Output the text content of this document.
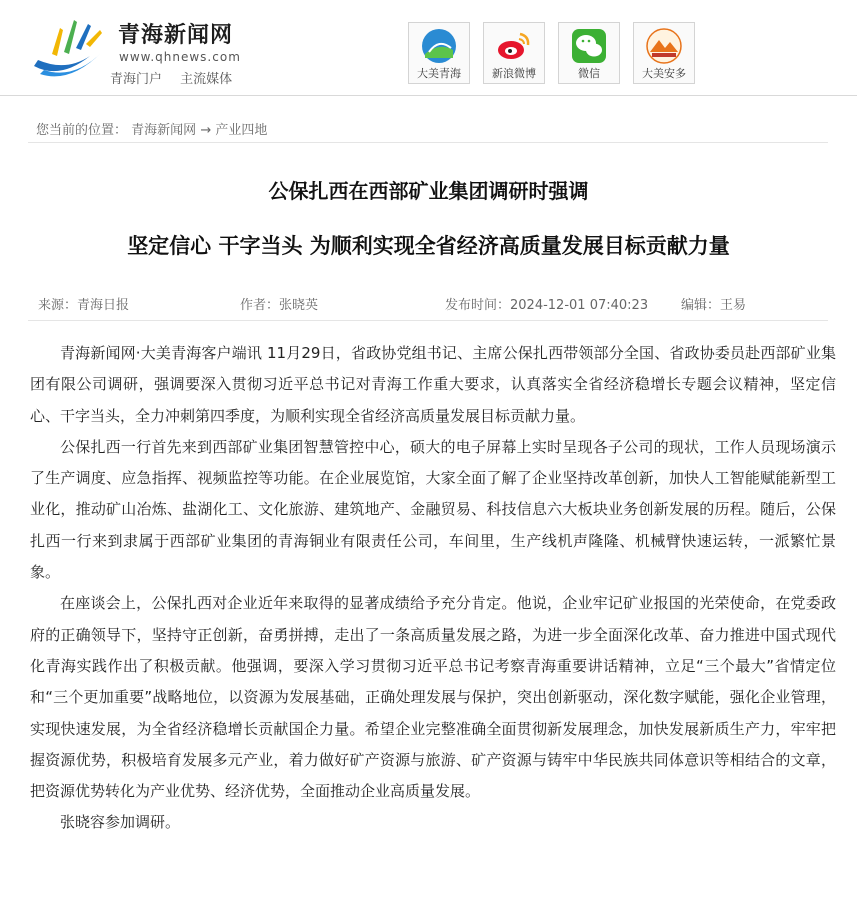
青海新闻网
www.qhnews.com
青海门户 主流媒体	大美青海	新浪微博	微信	大美安多
您当前的位置： 青海新闻网 → 产业四地
公保扎西在西部矿业集团调研时强调
坚定信心 干字当头 为顺利实现全省经济高质量发展目标贡献力量
来源：青海日报	作者：张晓英	发布时间：2024-12-01 07:40:23	编辑：王易

青海新闻网·大美青海客户端讯 11月29日，省政协党组书记、主席公保扎西带领部分全国、省政协委员赴西部矿业集团有限公司调研，强调要深入贯彻习近平总书记对青海工作重大要求，认真落实全省经济稳增长专题会议精神，坚定信心、干字当头，全力冲刺第四季度，为顺利实现全省经济高质量发展目标贡献力量。

公保扎西一行首先来到西部矿业集团智慧管控中心，硕大的电子屏幕上实时呈现各子公司的现状，工作人员现场演示了生产调度、应急指挥、视频监控等功能。在企业展览馆，大家全面了解了企业坚持改革创新，加快人工智能赋能新型工业化，推动矿山冶炼、盐湖化工、文化旅游、建筑地产、金融贸易、科技信息六大板块业务创新发展的历程。随后，公保扎西一行来到隶属于西部矿业集团的青海铜业有限责任公司，车间里，生产线机声隆隆、机械臂快速运转，一派繁忙景象。

在座谈会上，公保扎西对企业近年来取得的显著成绩给予充分肯定。他说，企业牢记矿业报国的光荣使命，在党委政府的正确领导下，坚持守正创新，奋勇拼搏，走出了一条高质量发展之路，为进一步全面深化改革、奋力推进中国式现代化青海实践作出了积极贡献。他强调，要深入学习贯彻习近平总书记考察青海重要讲话精神，立足“三个最大”省情定位和“三个更加重要”战略地位，以资源为发展基础，正确处理发展与保护，突出创新驱动，深化数字赋能，强化企业管理，实现快速发展，为全省经济稳增长贡献国企力量。希望企业完整准确全面贯彻新发展理念，加快发展新质生产力，牢牢把握资源优势，积极培育发展多元产业，着力做好矿产资源与旅游、矿产资源与铸牢中华民族共同体意识等相结合的文章，把资源优势转化为产业优势、经济优势，全面推动企业高质量发展。

张晓容参加调研。
